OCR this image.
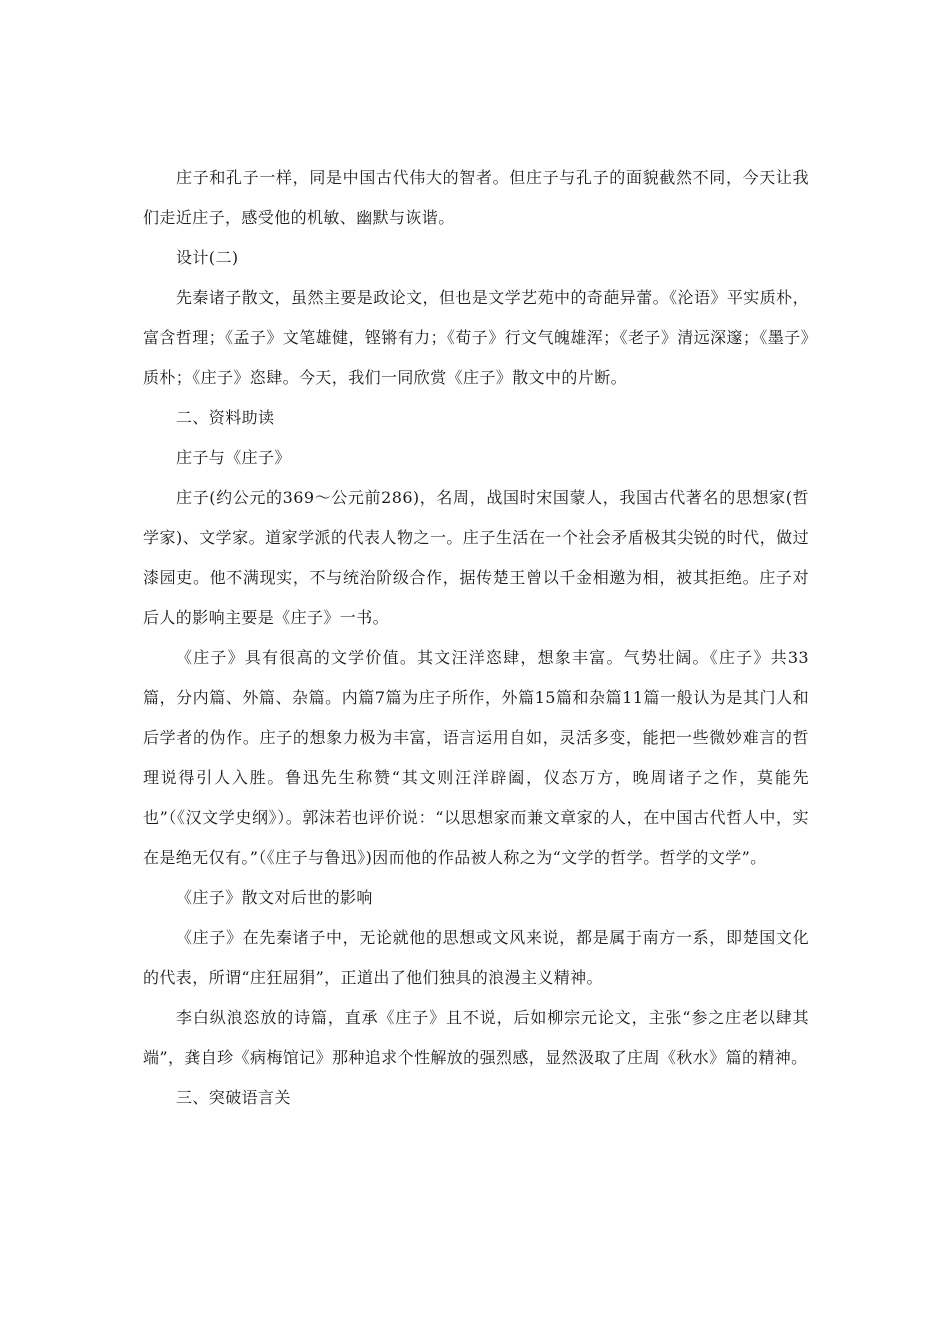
庄子和孔子一样，同是中国古代伟大的智者。但庄子与孔子的面貌截然不同，今天让我们走近庄子，感受他的机敏、幽默与诙谐。

设计(二)

先秦诸子散文，虽然主要是政论文，但也是文学艺苑中的奇葩异蕾。《沦语》平实质朴，富含哲理；《孟子》文笔雄健，铿锵有力；《荀子》行文气魄雄浑；《老子》清远深邃；《墨子》质朴；《庄子》恣肆。今天，我们一同欣赏《庄子》散文中的片断。

二、资料助读

庄子与《庄子》

庄子(约公元的369～公元前286)，名周，战国时宋国蒙人，我国古代著名的思想家(哲学家)、文学家。道家学派的代表人物之一。庄子生活在一个社会矛盾极其尖锐的时代，做过漆园吏。他不满现实，不与统治阶级合作，据传楚王曾以千金相邀为相，被其拒绝。庄子对后人的影响主要是《庄子》一书。

《庄子》具有很高的文学价值。其文汪洋恣肆，想象丰富。气势壮阔。《庄子》共33篇，分内篇、外篇、杂篇。内篇7篇为庄子所作，外篇15篇和杂篇11篇一般认为是其门人和后学者的伪作。庄子的想象力极为丰富，语言运用自如，灵活多变，能把一些微妙难言的哲理说得引人入胜。鲁迅先生称赞“其文则汪洋辟阖，仪态万方，晚周诸子之作，莫能先也”（《汉文学史纲》）。郭沫若也评价说：“以思想家而兼文章家的人，在中国古代哲人中，实在是绝无仅有。”（《庄子与鲁迅》)因而他的作品被人称之为“文学的哲学。哲学的文学”。

《庄子》散文对后世的影响

《庄子》在先秦诸子中，无论就他的思想或文风来说，都是属于南方一系，即楚国文化的代表，所谓“庄狂屈狷”，正道出了他们独具的浪漫主义精神。

李白纵浪恣放的诗篇，直承《庄子》且不说，后如柳宗元论文，主张“参之庄老以肆其端”，龚自珍《病梅馆记》那种追求个性解放的强烈感，显然汲取了庄周《秋水》篇的精神。

三、突破语言关
